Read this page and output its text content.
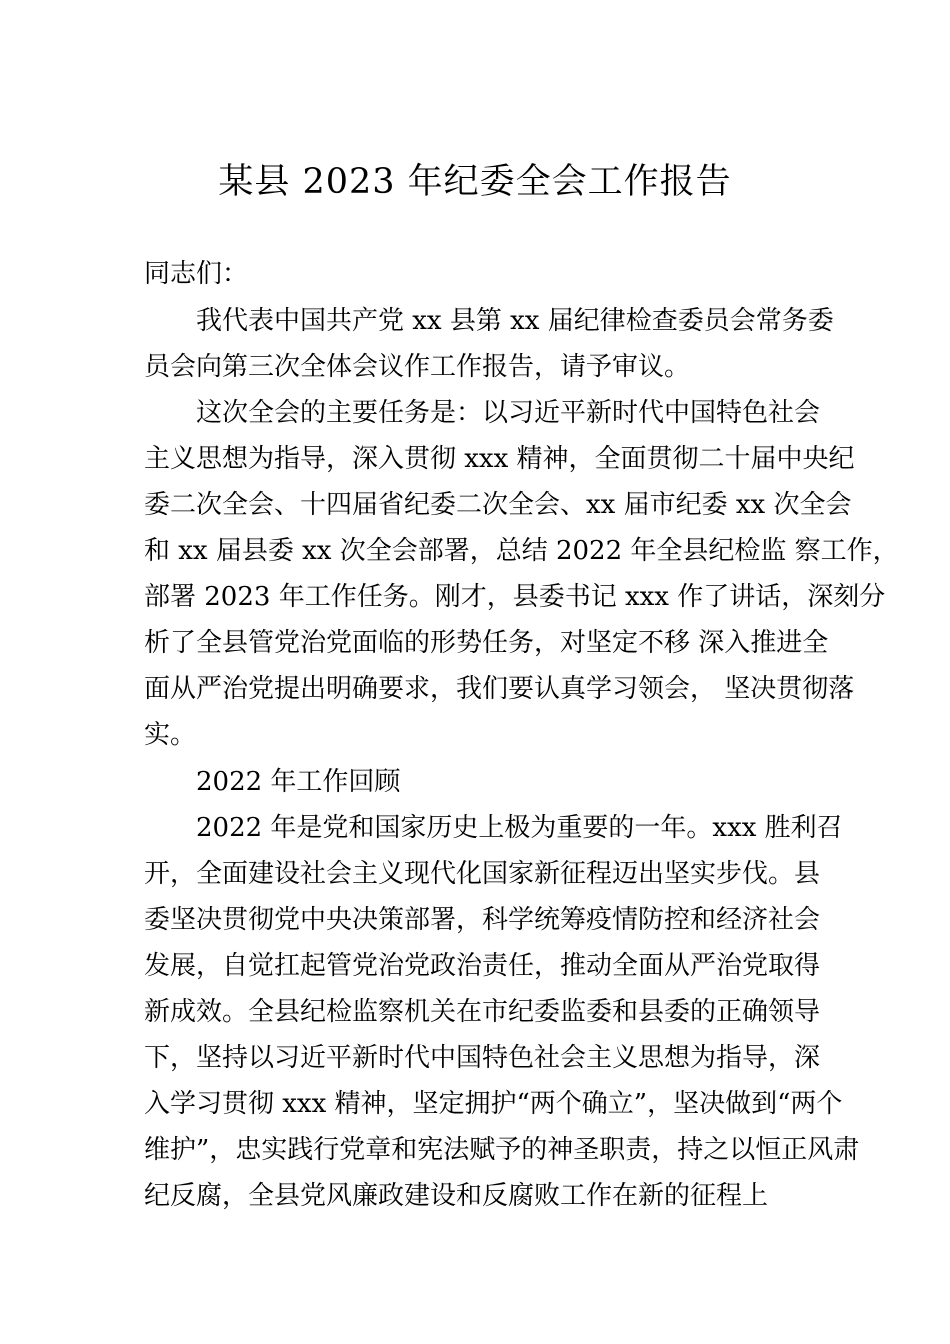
某县 2023 年纪委全会工作报告
同志们：
我代表中国共产党 xx 县第 xx 届纪律检查委员会常务委
员会向第三次全体会议作工作报告，请予审议。
这次全会的主要任务是：以习近平新时代中国特色社会
主义思想为指导，深入贯彻 xxx 精神，全面贯彻二十届中央纪
委二次全会、十四届省纪委二次全会、xx 届市纪委 xx 次全会
和 xx 届县委 xx 次全会部署，总结 2022 年全县纪检监 察工作，
部署 2023 年工作任务。刚才，县委书记 xxx 作了讲话，深刻分
析了全县管党治党面临的形势任务，对坚定不移 深入推进全
面从严治党提出明确要求，我们要认真学习领会， 坚决贯彻落
实。
2022 年工作回顾
2022 年是党和国家历史上极为重要的一年。xxx 胜利召
开，全面建设社会主义现代化国家新征程迈出坚实步伐。县
委坚决贯彻党中央决策部署，科学统筹疫情防控和经济社会
发展，自觉扛起管党治党政治责任，推动全面从严治党取得
新成效。全县纪检监察机关在市纪委监委和县委的正确领导
下，坚持以习近平新时代中国特色社会主义思想为指导，深
入学习贯彻 xxx 精神，坚定拥护“两个确立”，坚决做到“两个
维护”，忠实践行党章和宪法赋予的神圣职责，持之以恒正风肃
纪反腐，全县党风廉政建设和反腐败工作在新的征程上
